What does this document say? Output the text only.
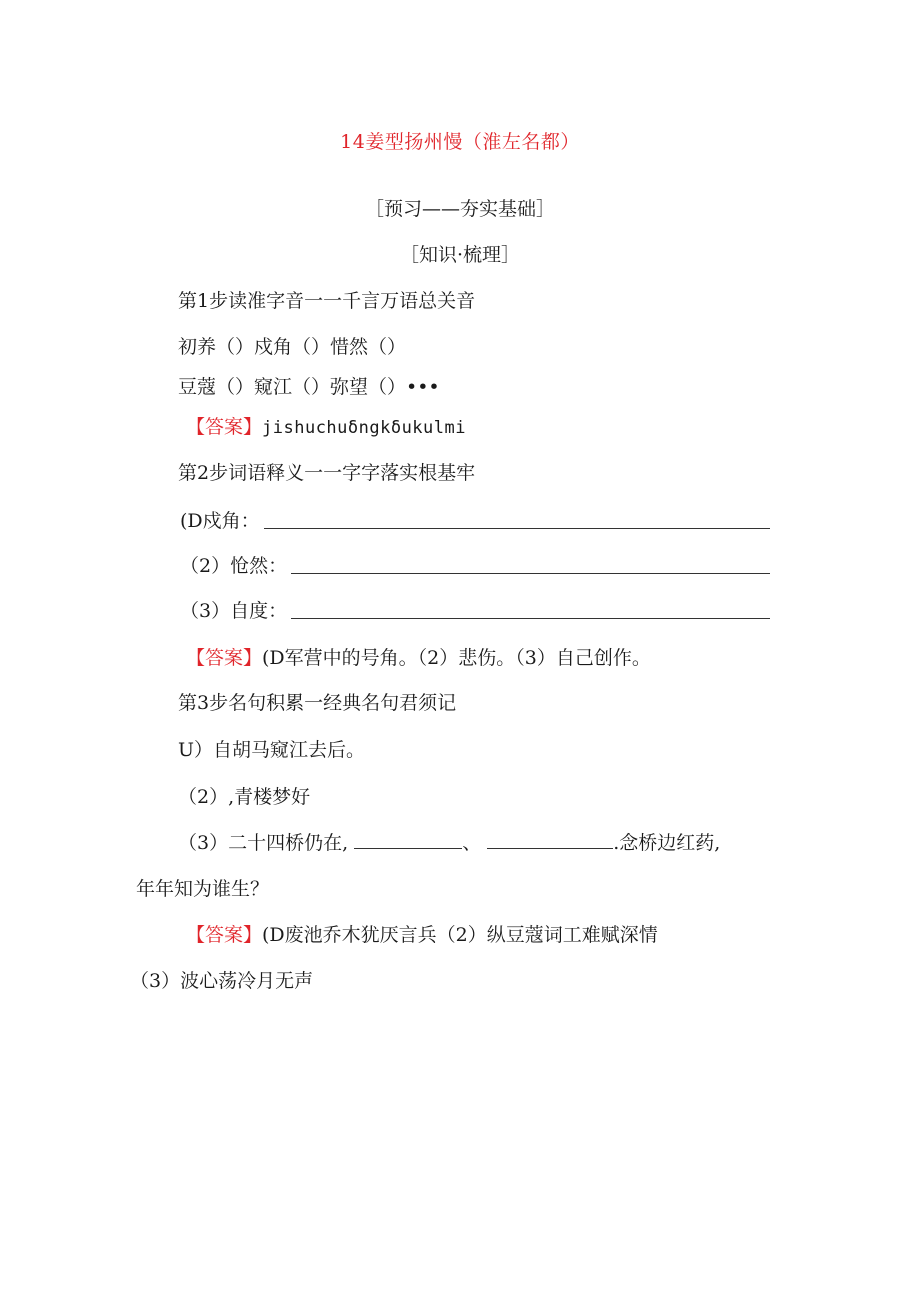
14姜型扬州慢（淮左名都）
［预习——夯实基础］
［知识·梳理］
第1步读准字音一一千言万语总关音
初养（）戍角（）惜然（）
豆蔻（）窥江（）弥望（）•••
【答案】jishuchuδngkδukulmi
第2步词语释义一一字字落实根基牢
(D戍角：
（2）怆然：
（3）自度：
【答案】(D军营中的号角。（2）悲伤。（3）自己创作。
第3步名句积累一经典名句君须记
U）自胡马窥江去后。
（2）,青楼梦好
（3）二十四桥仍在,	、	.念桥边红药,
年年知为谁生？
【答案】(D废池乔木犹厌言兵（2）纵豆蔻词工难赋深情
（3）波心荡冷月无声
